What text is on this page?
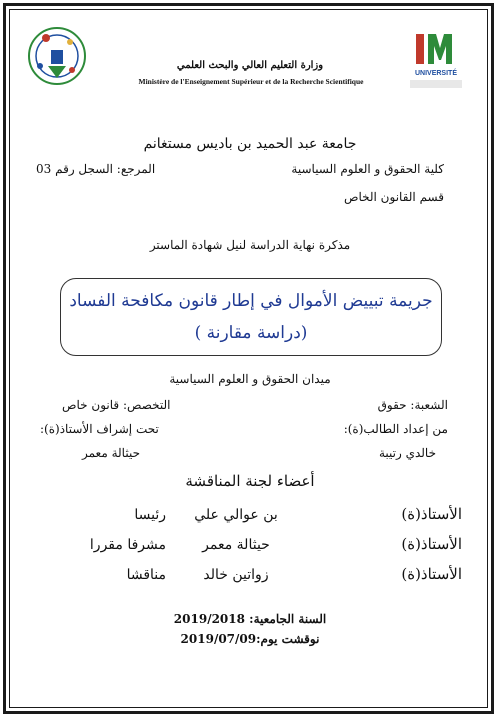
UNIVERSITÉ
وزارة التعليم العالي والبحث العلمي
Ministère de l'Enseignement Supérieur et de la Recherche Scientifique
جامعة عبد الحميد بن باديس مستغانم
كلية الحقوق و العلوم السياسية
المرجع: السجل رقم 03
قسم القانون الخاص
مذكرة نهاية الدراسة لنيل شهادة الماستر
جريمة تبييض الأموال في إطار قانون مكافحة الفساد
(دراسة مقارنة )
ميدان الحقوق و العلوم السياسية
الشعبة: حقوق
التخصص: قانون خاص
من إعداد الطالب(ة):
تحت إشراف الأستاذ(ة):
خالدي رتيبة
حيثالة معمر
أعضاء لجنة المناقشة
الأستاذ(ة)
بن عوالي علي
رئيسا
الأستاذ(ة)
حيثالة معمر
مشرفا مقررا
الأستاذ(ة)
زواتين خالد
مناقشا
السنة الجامعية: 2019/2018
نوقشت يوم:2019/07/09
